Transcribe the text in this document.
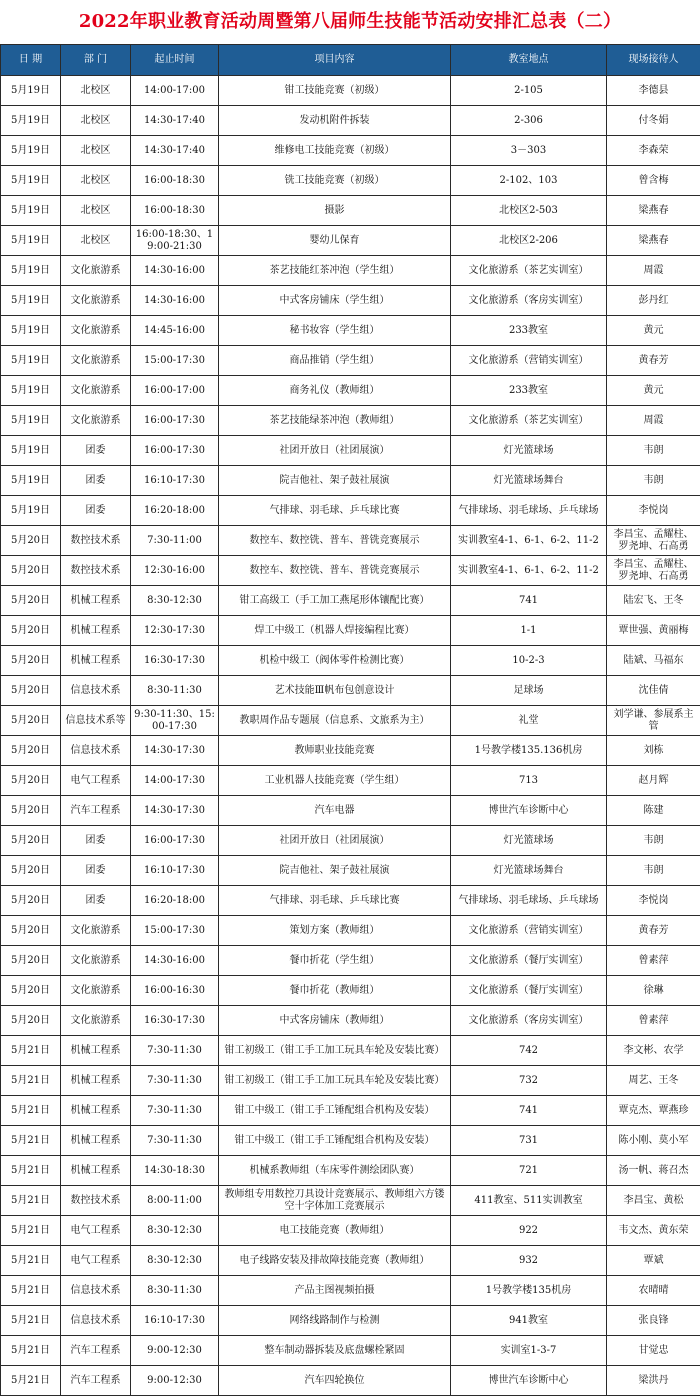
2022年职业教育活动周暨第八届师生技能节活动安排汇总表（二）
日 期	部 门	起止时间	项目内容	教室地点	现场接待人
5月19日	北校区	14:00-17:00	钳工技能竞赛（初级）	2-105	李德县
5月19日	北校区	14:30-17:40	发动机附件拆装	2-306	付冬娟
5月19日	北校区	14:30-17:40	维修电工技能竞赛（初级）	3－303	李森荣
5月19日	北校区	16:00-18:30	铣工技能竞赛（初级）	2-102、103	曾含梅
5月19日	北校区	16:00-18:30	摄影	北校区2-503	梁燕春
5月19日	北校区	16:00-18:30、19:00-21:30	婴幼儿保育	北校区2-206	梁燕春
5月19日	文化旅游系	14:30-16:00	茶艺技能红茶冲泡（学生组）	文化旅游系（茶艺实训室）	周霞
5月19日	文化旅游系	14:30-16:00	中式客房铺床（学生组）	文化旅游系（客房实训室）	彭丹红
5月19日	文化旅游系	14:45-16:00	秘书妆容（学生组）	233教室	黄元
5月19日	文化旅游系	15:00-17:30	商品推销（学生组）	文化旅游系（营销实训室）	黄春芳
5月19日	文化旅游系	16:00-17:00	商务礼仪（教师组）	233教室	黄元
5月19日	文化旅游系	16:00-17:30	茶艺技能绿茶冲泡（教师组）	文化旅游系（茶艺实训室）	周霞
5月19日	团委	16:00-17:30	社团开放日（社团展演）	灯光篮球场	韦朗
5月19日	团委	16:10-17:30	院吉他社、架子鼓社展演	灯光篮球场舞台	韦朗
5月19日	团委	16:20-18:00	气排球、羽毛球、乒乓球比赛	气排球场、羽毛球场、乒乓球场	李悦岗
5月20日	数控技术系	7:30-11:00	数控车、数控铣、普车、普铣竞赛展示	实训教室4-1、6-1、6-2、11-2	李昌宝、孟耀柱、罗尧坤、石高勇
5月20日	数控技术系	12:30-16:00	数控车、数控铣、普车、普铣竞赛展示	实训教室4-1、6-1、6-2、11-2	李昌宝、孟耀柱、罗尧坤、石高勇
5月20日	机械工程系	8:30-12:30	钳工高级工（手工加工燕尾形体镶配比赛）	741	陆宏飞、王冬
5月20日	机械工程系	12:30-17:30	焊工中级工（机器人焊接编程比赛）	1-1	覃世强、黄丽梅
5月20日	机械工程系	16:30-17:30	机检中级工（阀体零件检测比赛）	10-2-3	陆斌、马福东
5月20日	信息技术系	8:30-11:30	艺术技能Ⅲ帆布包创意设计	足球场	沈佳倩
5月20日	信息技术系等	9:30-11:30、15:00-17:30	教职周作品专题展（信息系、文旅系为主）	礼堂	刘学谦、参展系主管
5月20日	信息技术系	14:30-17:30	教师职业技能竞赛	1号教学楼135.136机房	刘栋
5月20日	电气工程系	14:00-17:30	工业机器人技能竞赛（学生组）	713	赵月辉
5月20日	汽车工程系	14:30-17:30	汽车电器	博世汽车诊断中心	陈建
5月20日	团委	16:00-17:30	社团开放日（社团展演）	灯光篮球场	韦朗
5月20日	团委	16:10-17:30	院吉他社、架子鼓社展演	灯光篮球场舞台	韦朗
5月20日	团委	16:20-18:00	气排球、羽毛球、乒乓球比赛	气排球场、羽毛球场、乒乓球场	李悦岗
5月20日	文化旅游系	15:00-17:30	策划方案（教师组）	文化旅游系（营销实训室）	黄春芳
5月20日	文化旅游系	14:30-16:00	餐巾折花（学生组）	文化旅游系（餐厅实训室）	曾素萍
5月20日	文化旅游系	16:00-16:30	餐巾折花（教师组）	文化旅游系（餐厅实训室）	徐琳
5月20日	文化旅游系	16:30-17:30	中式客房铺床（教师组）	文化旅游系（客房实训室）	曾素萍
5月21日	机械工程系	7:30-11:30	钳工初级工（钳工手工加工玩具车轮及安装比赛）	742	李文彬、农学
5月21日	机械工程系	7:30-11:30	钳工初级工（钳工手工加工玩具车轮及安装比赛）	732	周艺、王冬
5月21日	机械工程系	7:30-11:30	钳工中级工（钳工手工锤配组合机构及安装）	741	覃克杰、覃燕珍
5月21日	机械工程系	7:30-11:30	钳工中级工（钳工手工锤配组合机构及安装）	731	陈小刚、莫小军
5月21日	机械工程系	14:30-18:30	机械系教师组（车床零件测绘团队赛）	721	汤一帆、蒋召杰
5月21日	数控技术系	8:00-11:00	教师组专用数控刀具设计竞赛展示、教师组六方镂空十字体加工竞赛展示	411教室、511实训教室	李昌宝、黄松
5月21日	电气工程系	8:30-12:30	电工技能竞赛（教师组）	922	韦文杰、黄东荣
5月21日	电气工程系	8:30-12:30	电子线路安装及排故障技能竞赛（教师组）	932	覃斌
5月21日	信息技术系	8:30-11:30	产品主图视频拍摄	1号教学楼135机房	农晴晴
5月21日	信息技术系	16:10-17:30	网络线路制作与检测	941教室	张良锋
5月21日	汽车工程系	9:00-12:30	整车制动器拆装及底盘螺栓紧固	实训室1-3-7	甘觉忠
5月21日	汽车工程系	9:00-12:30	汽车四轮换位	博世汽车诊断中心	梁洪丹
